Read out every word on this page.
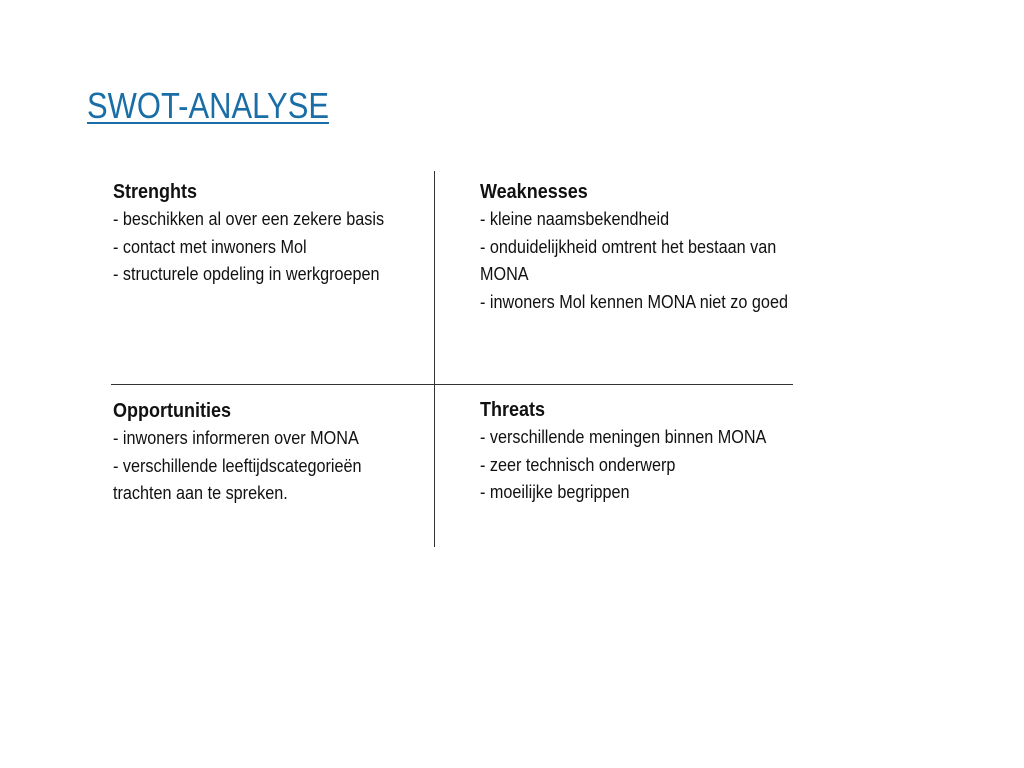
SWOT-ANALYSE

Strenghts

- beschikken al over een zekere basis
- contact met inwoners Mol
- structurele opdeling in werkgroepen

Weaknesses

- kleine naamsbekendheid
- onduidelijkheid omtrent het bestaan van MONA
- inwoners Mol kennen MONA niet zo goed

Opportunities

- inwoners informeren over MONA
- verschillende leeftijdscategorieën trachten aan te spreken.

Threats

- verschillende meningen binnen MONA
- zeer technisch onderwerp
- moeilijke begrippen
